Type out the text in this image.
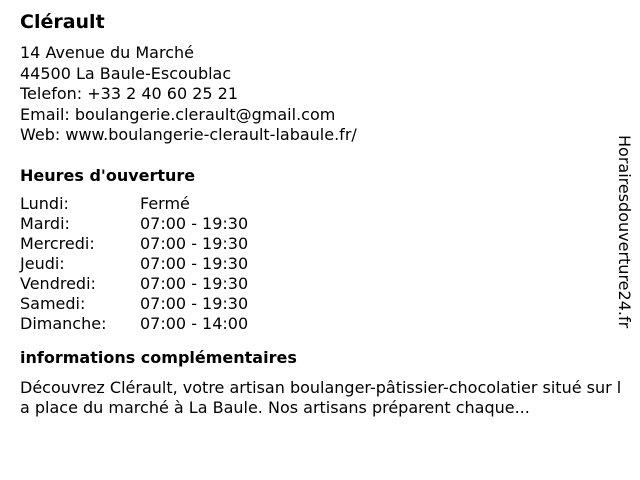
Clérault
14 Avenue du Marché
44500 La Baule-Escoublac
Telefon: +33 2 40 60 25 21
Email: boulangerie.clerault@gmail.com
Web: www.boulangerie-clerault-labaule.fr/
Heures d'ouverture
Lundi:	Fermé
Mardi:	07:00 - 19:30
Mercredi:	07:00 - 19:30
Jeudi:	07:00 - 19:30
Vendredi:	07:00 - 19:30
Samedi:	07:00 - 19:30
Dimanche:	07:00 - 14:00
informations complémentaires
Découvrez Clérault, votre artisan boulanger-pâtissier-chocolatier situé sur la place du marché à La Baule. Nos artisans préparent chaque...
Horairesdouverture24.fr
